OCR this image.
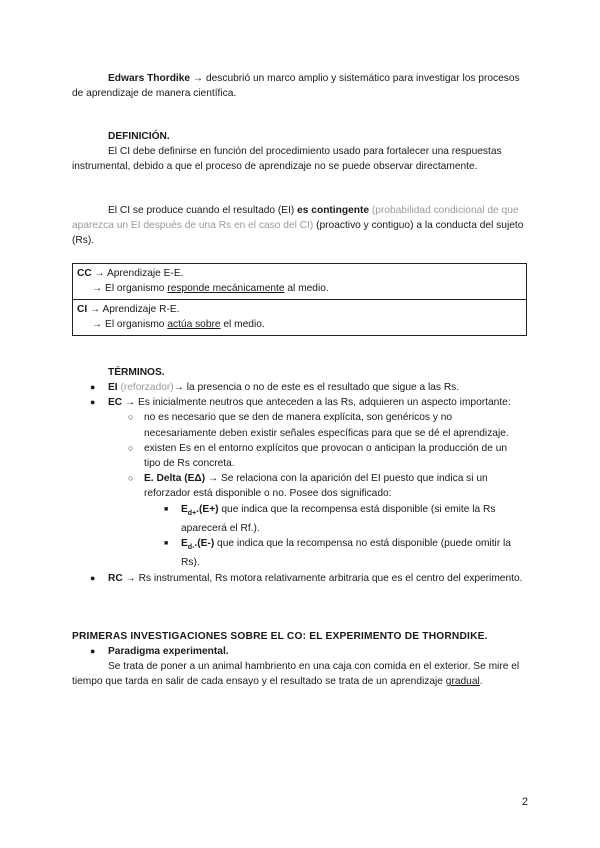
Edwars Thordike → descubrió un marco amplio y sistemático para investigar los procesos de aprendizaje de manera científica.

DEFINICIÓN.

El CI debe definirse en función del procedimiento usado para fortalecer una respuestas instrumental, debido a que el proceso de aprendizaje no se puede observar directamente.

El CI se produce cuando el resultado (EI) es contingente (probabilidad condicional de que aparezca un EI después de una Rs en el caso del CI) (proactivo y contiguo) a la conducta del sujeto (Rs).

CC → Aprendizaje E-E.
→ El organismo responde mecánicamente al medio.
CI → Aprendizaje R-E.
→ El organismo actúa sobre el medio.

TÉRMINOS.

● EI (reforzador)→ la presencia o no de este es el resultado que sigue a las Rs.
● EC → Es inicialmente neutros que anteceden a las Rs, adquieren un aspecto importante:
○ no es necesario que se den de manera explícita, son genéricos y no necesariamente deben existir señales específicas para que se dé el aprendizaje.
○ existen Es en el entorno explícitos que provocan o anticipan la producción de un tipo de Rs concreta.
○ E. Delta (EΔ) → Se relaciona con la aparición del EI puesto que indica si un reforzador está disponible o no. Posee dos significado:
■ $E_{d+}.(E+)$ que indica que la recompensa está disponible (si emite la Rs aparecerá el Rf.).
■ $E_{d-}.(E-)$ que indica que la recompensa no está disponible (puede omitir la Rs).
● RC → Rs instrumental, Rs motora relativamente arbitraria que es el centro del experimento.

PRIMERAS INVESTIGACIONES SOBRE EL CO: EL EXPERIMENTO DE THORNDIKE.

● Paradigma experimental.

Se trata de poner a un animal hambriento en una caja con comida en el exterior. Se mire el tiempo que tarda en salir de cada ensayo y el resultado se trata de un aprendizaje gradual.

2
